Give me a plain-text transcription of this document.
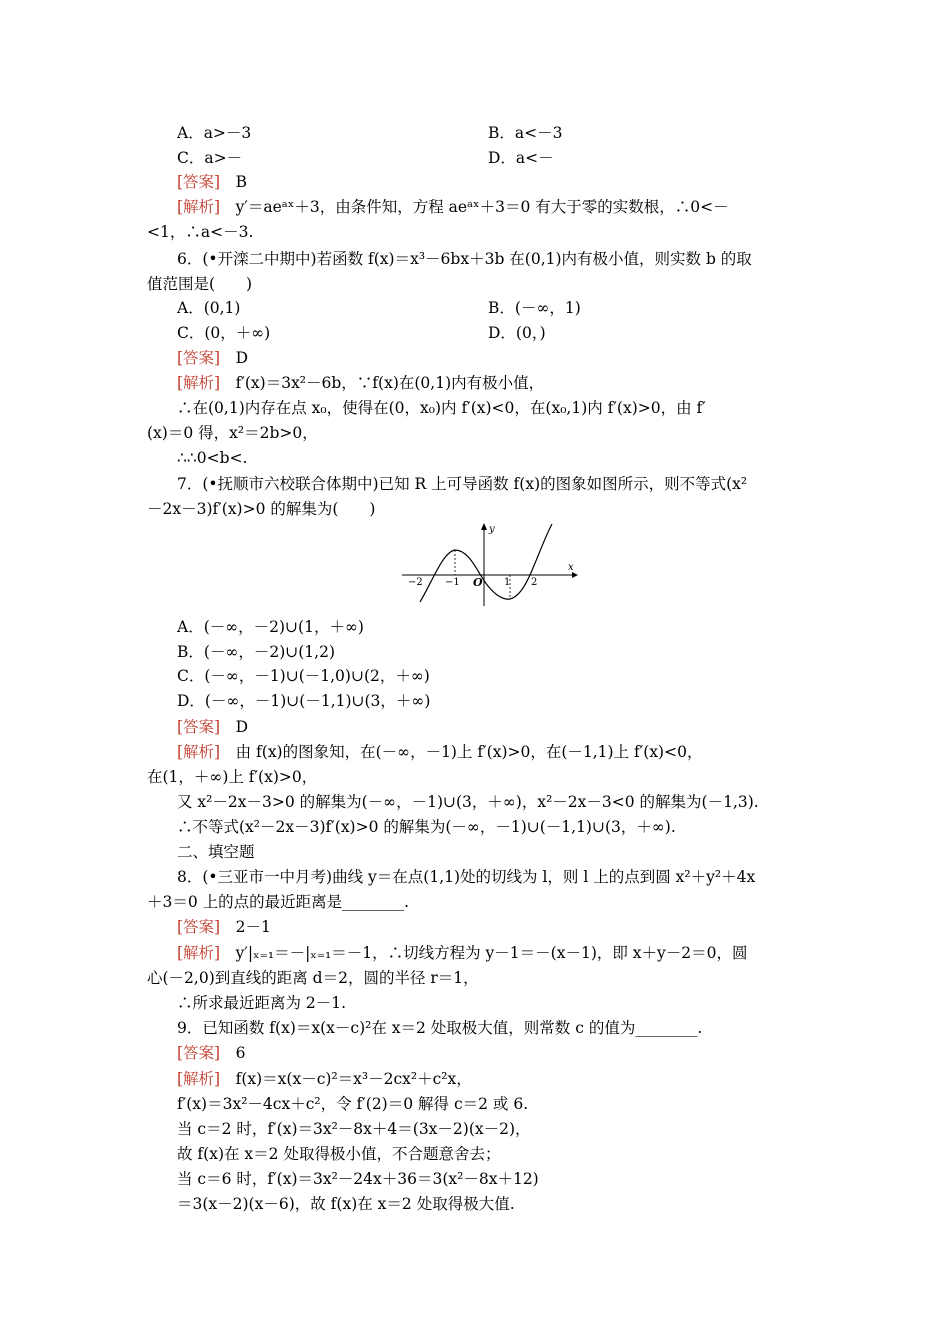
A．a>－3	B．a<－3
C．a>－	D．a<－
[答案]　B
[解析]　y′＝aeᵃˣ＋3，由条件知，方程 aeᵃˣ＋3＝0 有大于零的实数根，∴0<－
<1，∴a<－3.
6．(•开滦二中期中)若函数 f(x)＝x³－6bx＋3b 在(0,1)内有极小值，则实数 b 的取
值范围是(　　)
A．(0,1)	B．(－∞，1)
C．(0，＋∞)	D．(0，)
[答案]　D
[解析]　f′(x)＝3x²－6b，∵f(x)在(0,1)内有极小值，
∴在(0,1)内存在点 x₀，使得在(0，x₀)内 f′(x)<0，在(x₀,1)内 f′(x)>0，由 f′
(x)＝0 得，x²＝2b>0，
∴∴0<b<.
7．(•抚顺市六校联合体期中)已知 R 上可导函数 f(x)的图象如图所示，则不等式(x²
－2x－3)f′(x)>0 的解集为(　　)
y
x
O
−2 −1	1 2
A．(－∞，－2)∪(1，＋∞)
B．(－∞，－2)∪(1,2)
C．(－∞，－1)∪(－1,0)∪(2，＋∞)
D．(－∞，－1)∪(－1,1)∪(3，＋∞)
[答案]　D
[解析]　由 f(x)的图象知，在(－∞，－1)上 f′(x)>0，在(－1,1)上 f′(x)<0，
在(1，＋∞)上 f′(x)>0，
又 x²－2x－3>0 的解集为(－∞，－1)∪(3，＋∞)，x²－2x－3<0 的解集为(－1,3).
∴不等式(x²－2x－3)f′(x)>0 的解集为(－∞，－1)∪(－1,1)∪(3，＋∞).
二、填空题
8．(•三亚市一中月考)曲线 y＝在点(1,1)处的切线为 l，则 l 上的点到圆 x²＋y²＋4x
＋3＝0 上的点的最近距离是________.
[答案]　2－1
[解析]　y′|ₓ₌₁＝－|ₓ₌₁＝－1，∴切线方程为 y－1＝－(x－1)，即 x＋y－2＝0，圆
心(－2,0)到直线的距离 d＝2，圆的半径 r＝1，
∴所求最近距离为 2－1.
9．已知函数 f(x)＝x(x－c)²在 x＝2 处取极大值，则常数 c 的值为________.
[答案]　6
[解析]　f(x)＝x(x－c)²＝x³－2cx²＋c²x，
f′(x)＝3x²－4cx＋c²，令 f′(2)＝0 解得 c＝2 或 6.
当 c＝2 时，f′(x)＝3x²－8x＋4＝(3x－2)(x－2)，
故 f(x)在 x＝2 处取得极小值，不合题意舍去；
当 c＝6 时，f′(x)＝3x²－24x＋36＝3(x²－8x＋12)
＝3(x－2)(x－6)，故 f(x)在 x＝2 处取得极大值.
